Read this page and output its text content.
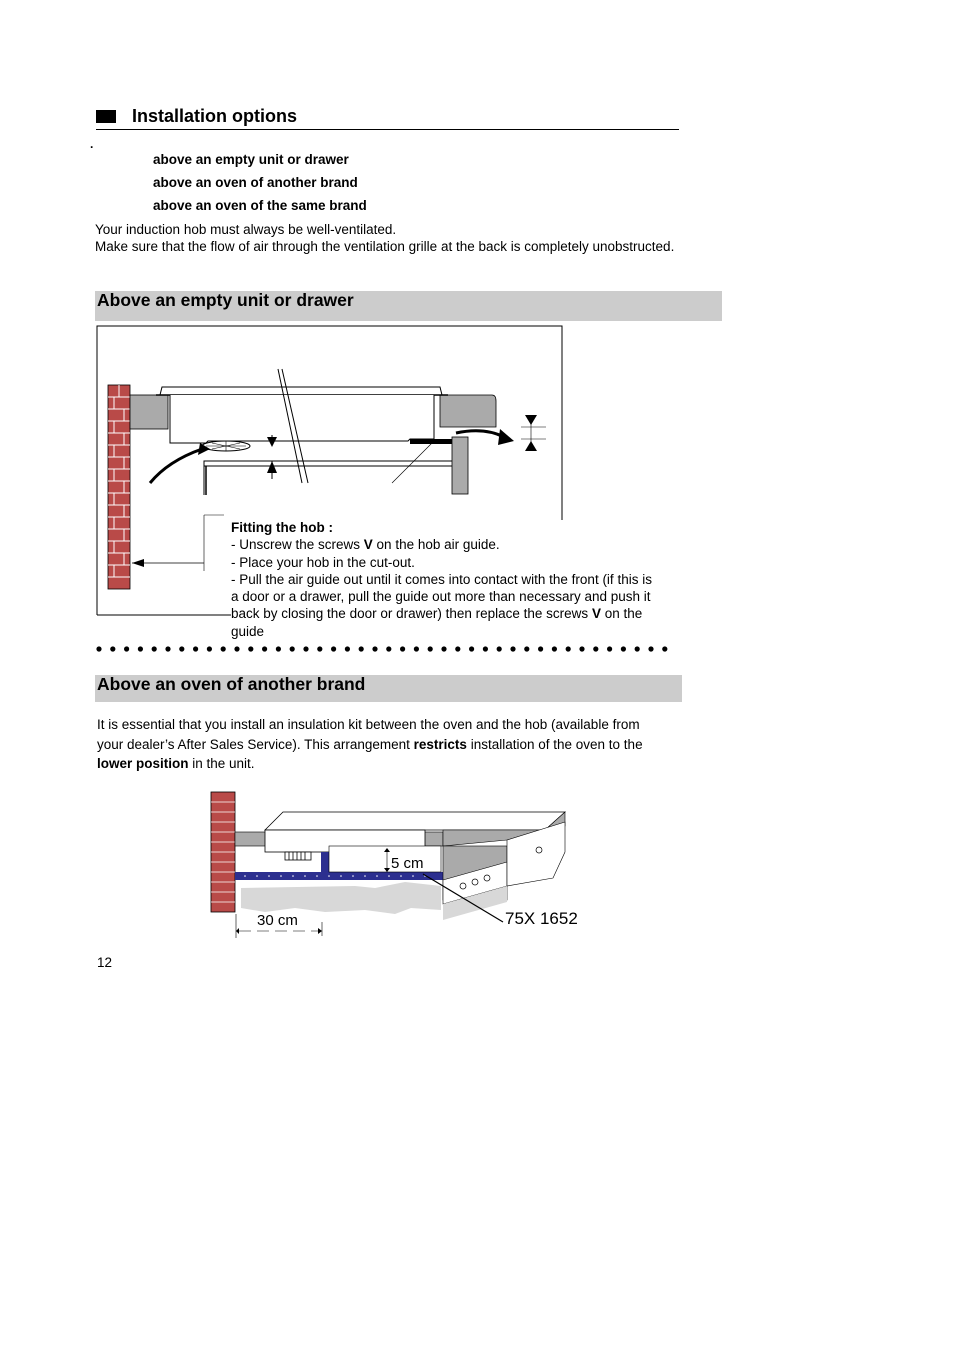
Installation options
·
above an empty unit or drawer
above an oven of another brand
above an oven of the same brand
Your induction hob must always be well-ventilated.
Make sure that the flow of air through the ventilation grille at the back is completely unobstructed.
Above an empty unit or drawer
Fitting the hob :
- Unscrew the screws V on the hob air guide.
- Place your hob in the cut-out.
- Pull the air guide out until it comes into contact with the front (if this is a door or a drawer, pull the guide out more than necessary and push it back by closing the door or drawer) then replace the screws V on the guide
Above an oven of another brand
It is essential that you install an insulation kit between the oven and the hob (available from your dealer’s After Sales Service). This arrangement restricts installation of the oven to the lower position in the unit.
5 cm
30 cm	75X 1652
12
